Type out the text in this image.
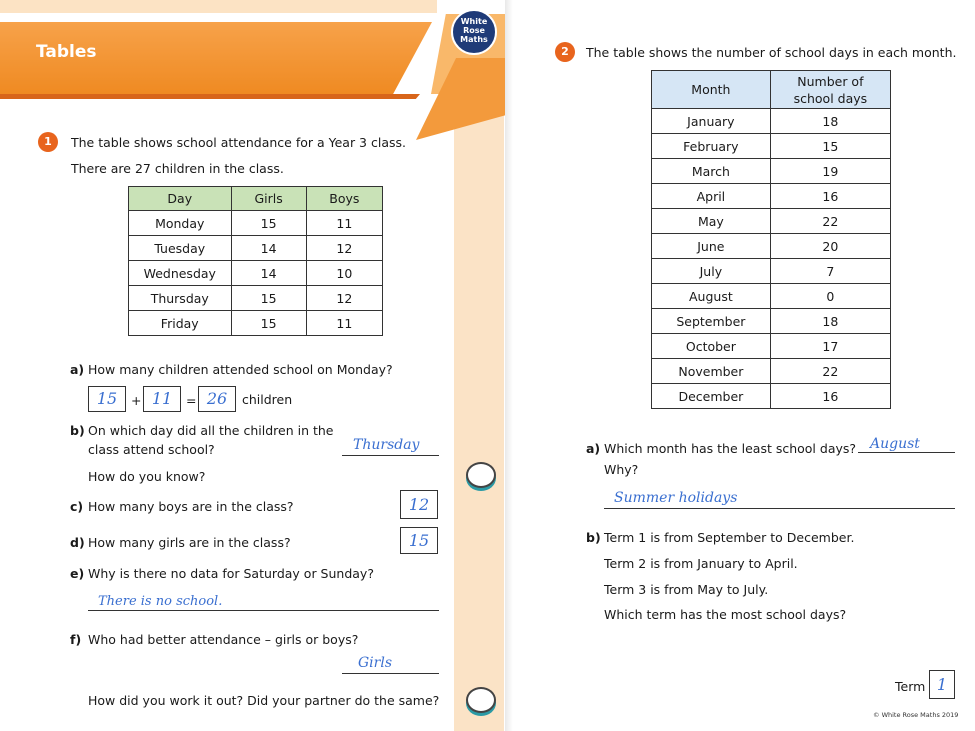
Tables
White
Rose
Maths
1	The table shows school attendance for a Year 3 class.
There are 27 children in the class.
Day	Girls	Boys
Monday	15	11
Tuesday	14	12
Wednesday	14	10
Thursday	15	12
Friday	15	11
a) How many children attended school on Monday?
15	+ 11	= 26	children
b) On which day did all the children in the
class attend school?	Thursday
How do you know?
c) How many boys are in the class?	12
d) How many girls are in the class?	15
e) Why is there no data for Saturday or Sunday?
There is no school.
f) Who had better attendance – girls or boys?
Girls
How did you work it out? Did your partner do the same?
2	The table shows the number of school days in each month.
Month	Number of
school days

January	18
February	15
March	19
April	16
May	22
June	20
July	7
August	0
September	18
October	17
November	22
December	16
a) Which month has the least school days? August
Why?
Summer holidays
b) Term 1 is from September to December.
Term 2 is from January to April.
Term 3 is from May to July.
Which term has the most school days?
Term 1
© White Rose Maths 2019
